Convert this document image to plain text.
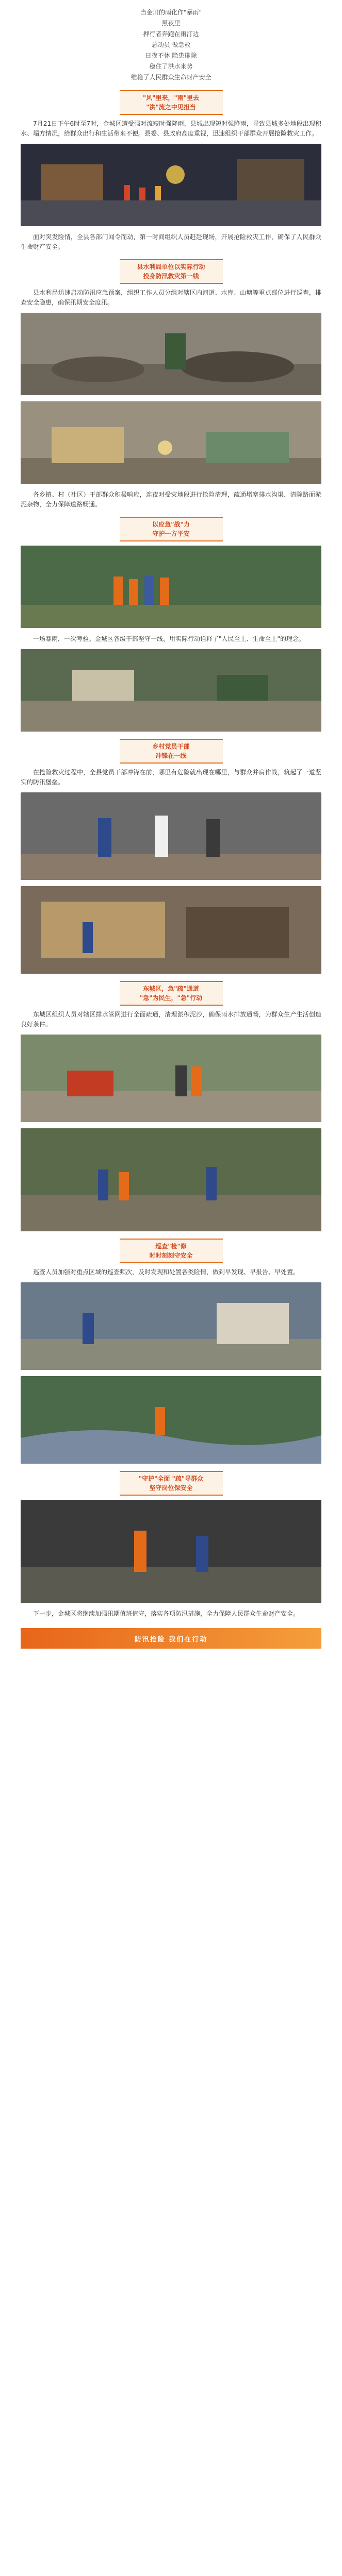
当金川的雨化作"暴雨"

黑夜里

押行者奔跑在雨汀边

总动员 做急救

日夜不休 隐患排除

稳住了洪水来势

维稳了人民群众生命财产安全

"风"里来，"雨"里去
"洪"流之中见担当

7月21日下午6时至7时，金城区遭受强对流短时强降雨，县城出现短时强降雨，导致县城多处地段出现积水、塌方情况，给群众出行和生活带来不便。县委、县政府高度重视，迅速组织干部群众开展抢险救灾工作。

面对突发险情，全县各部门闻令而动，第一时间组织人员赶赴现场，开展抢险救灾工作，确保了人民群众生命财产安全。

县水利局单位以实际行动
投身防汛救灾第一线

县水利局迅速启动防汛应急预案，组织工作人员分组对辖区内河道、水库、山塘等重点部位进行巡查，排查安全隐患，确保汛期安全度汛。

各乡镇、村（社区）干部群众积极响应，连夜对受灾地段进行抢险清理，疏通堵塞排水沟渠，清除路面淤泥杂物，全力保障道路畅通。

以应急"战"力
守护一方平安

一场暴雨，一次考验。金城区各级干部坚守一线，用实际行动诠释了"人民至上、生命至上"的理念。

乡村党员干部
冲锋在一线

在抢险救灾过程中，全县党员干部冲锋在前，哪里有危险就出现在哪里，与群众并肩作战，筑起了一道坚实的防汛堡垒。

东城区，急"疏"通道
"急"为民生，"急"行动

东城区组织人员对辖区排水管网进行全面疏通，清理淤积泥沙，确保雨水排放通畅，为群众生产生活创造良好条件。

巡查"检"修
时时刻刻守安全

巡查人员加强对重点区域的巡查频次，及时发现和处置各类险情，做到早发现、早报告、早处置。

"守护"全面 "疏"导群众
坚守岗位保安全

下一步，金城区将继续加强汛期值班值守，落实各项防汛措施，全力保障人民群众生命财产安全。

防汛抢险 我们在行动
